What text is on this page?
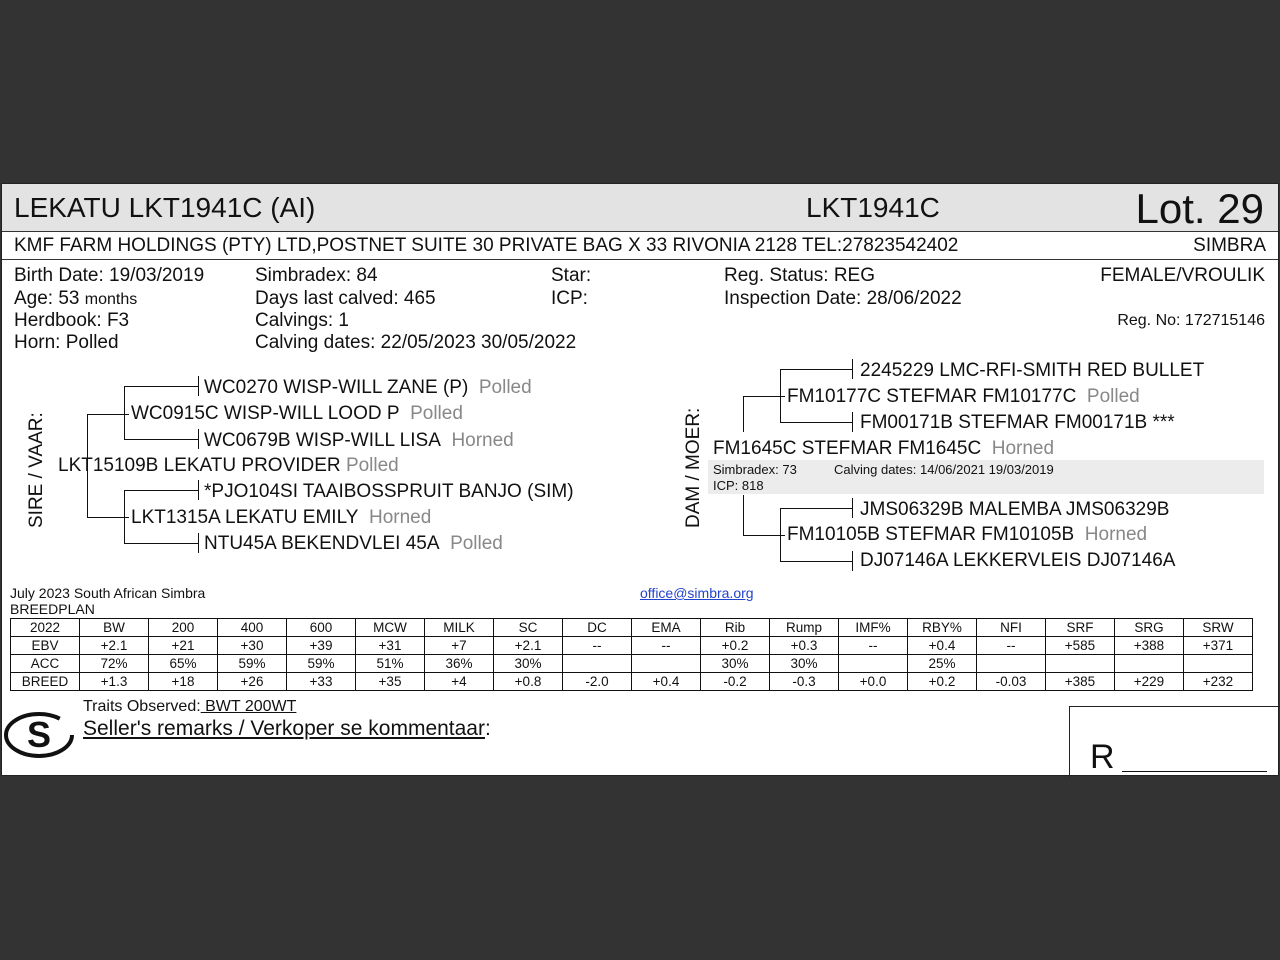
LEKATU LKT1941C (AI)	LKT1941C	Lot. 29
KMF FARM HOLDINGS (PTY) LTD,POSTNET SUITE 30 PRIVATE BAG X 33 RIVONIA 2128 TEL:27823542402	SIMBRA
Birth Date: 19/03/2019
Age: 53 months
Herdbook: F3
Horn: Polled
Simbradex: 84
Days last calved: 465
Calvings: 1
Calving dates: 22/05/2023 30/05/2022
Star:
ICP:
Reg. Status: REG
Inspection Date: 28/06/2022
FEMALE/VROULIK
Reg. No: 172715146
SIRE / VAAR:
WC0270 WISP-WILL ZANE (P) Polled
WC0915C WISP-WILL LOOD P Polled
WC0679B WISP-WILL LISA Horned
LKT15109B LEKATU PROVIDER Polled
*PJO104SI TAAIBOSSPRUIT BANJO (SIM)
LKT1315A LEKATU EMILY Horned
NTU45A BEKENDVLEI 45A Polled
DAM / MOER: Simbradex: 73	Calving dates: 14/06/2021 19/03/2019
ICP: 818
2245229 LMC-RFI-SMITH RED BULLET
FM10177C STEFMAR FM10177C Polled
FM00171B STEFMAR FM00171B ***
FM1645C STEFMAR FM1645C Horned
JMS06329B MALEMBA JMS06329B
FM10105B STEFMAR FM10105B Horned
DJ07146A LEKKERVLEIS DJ07146A
July 2023 South African Simbra
BREEDPLAN
office@simbra.org
2022	BW	200	400	600	MCW	MILK	SC	DC	EMA	Rib	Rump	IMF%	RBY%	NFI	SRF	SRG	SRW
EBV	+2.1	+21	+30	+39	+31	+7	+2.1	--	--	+0.2	+0.3	--	+0.4	--	+585	+388	+371
ACC	72%	65%	59%	59%	51%	36%	30%			30%	30%		25%				
BREED	+1.3	+18	+26	+33	+35	+4	+0.8	-2.0	+0.4	-0.2	-0.3	+0.0	+0.2	-0.03	+385	+229	+232
S
Traits Observed: BWT 200WT
Seller's remarks / Verkoper se kommentaar:
R
